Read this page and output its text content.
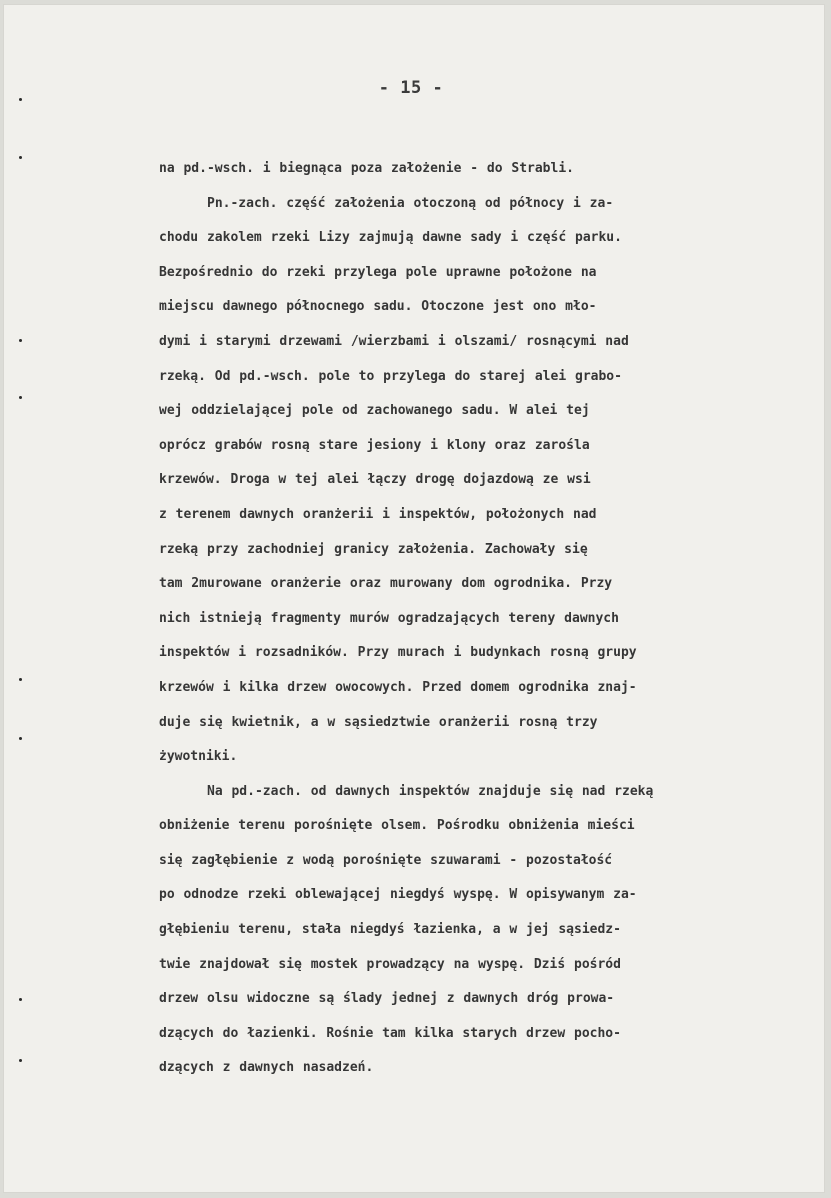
- 15 -
na pd.-wsch. i biegnąca poza założenie - do Strabli.
Pn.-zach. część założenia otoczoną od północy i za-
chodu zakolem rzeki Lizy zajmują dawne sady i część parku.
Bezpośrednio do rzeki przylega pole uprawne położone na
miejscu dawnego północnego sadu. Otoczone jest ono mło-
dymi i starymi drzewami /wierzbami i olszami/ rosnącymi nad
rzeką. Od pd.-wsch. pole to przylega do starej alei grabo-
wej oddzielającej pole od zachowanego sadu. W alei tej
oprócz grabów rosną stare jesiony i klony oraz zarośla
krzewów. Droga w tej alei łączy drogę dojazdową ze wsi
z terenem dawnych oranżerii i inspektów, położonych nad
rzeką przy zachodniej granicy założenia. Zachowały się
tam 2murowane oranżerie oraz murowany dom ogrodnika. Przy
nich istnieją fragmenty murów ogradzających tereny dawnych
inspektów i rozsadników. Przy murach i budynkach rosną grupy
krzewów i kilka drzew owocowych. Przed domem ogrodnika znaj-
duje się kwietnik, a w sąsiedztwie oranżerii rosną trzy
żywotniki.
Na pd.-zach. od dawnych inspektów znajduje się nad rzeką
obniżenie terenu porośnięte olsem. Pośrodku obniżenia mieści
się zagłębienie z wodą porośnięte szuwarami - pozostałość
po odnodze rzeki oblewającej niegdyś wyspę. W opisywanym za-
głębieniu terenu, stała niegdyś łazienka, a w jej sąsiedz-
twie znajdował się mostek prowadzący na wyspę. Dziś pośród
drzew olsu widoczne są ślady jednej z dawnych dróg prowa-
dzących do łazienki. Rośnie tam kilka starych drzew pocho-
dzących z dawnych nasadzeń.
